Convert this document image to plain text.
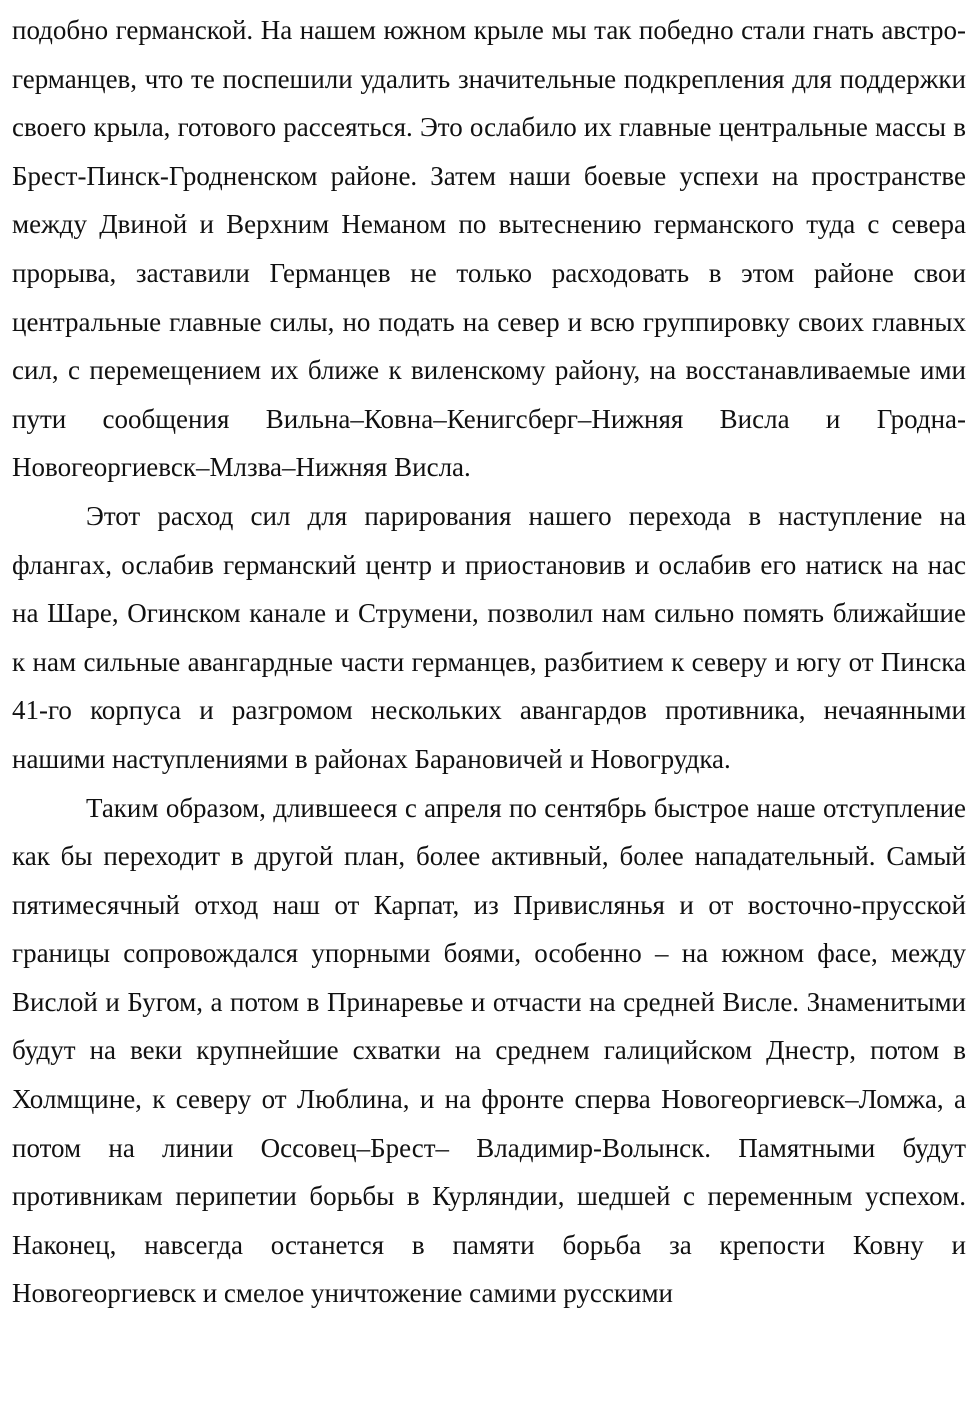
подобно германской. На нашем южном крыле мы так победно стали гнать австро-германцев, что те поспешили удалить значительные подкрепления для поддержки своего крыла, готового рассеяться. Это ослабило их главные центральные массы в Брест-Пинск-Гродненском районе. Затем наши боевые успехи на пространстве между Двиной и Верхним Неманом по вытеснению германского туда с севера прорыва, заставили Германцев не только расходовать в этом районе свои центральные главные силы, но подать на север и всю группировку своих главных сил, с перемещением их ближе к виленскому району, на восстанавливаемые ими пути сообщения Вильна–Ковна–Кенигсберг–Нижняя Висла и Гродна-Новогеоргиевск–Млзва–Нижняя Висла.

Этот расход сил для парирования нашего перехода в наступление на флангах, ослабив германский центр и приостановив и ослабив его натиск на нас на Шаре, Огинском канале и Струмени, позволил нам сильно помять ближайшие к нам сильные авангардные части германцев, разбитием к северу и югу от Пинска 41-го корпуса и разгромом нескольких авангардов противника, нечаянными нашими наступлениями в районах Барановичей и Новогрудка.

Таким образом, длившееся с апреля по сентябрь быстрое наше отступление как бы переходит в другой план, более активный, более нападательный. Самый пятимесячный отход наш от Карпат, из Привислянья и от восточно-прусской границы сопровождался упорными боями, особенно – на южном фасе, между Вислой и Бугом, а потом в Принаревье и отчасти на средней Висле. Знаменитыми будут на веки крупнейшие схватки на среднем галицийском Днестр, потом в Холмщине, к северу от Люблина, и на фронте сперва Новогеоргиевск–Ломжа, а потом на линии Оссовец–Брест– Владимир-Волынск. Памятными будут противникам перипетии борьбы в Курляндии, шедшей с переменным успехом. Наконец, навсегда останется в памяти борьба за крепости Ковну и Новогеоргиевск и смелое уничтожение самими русскими
